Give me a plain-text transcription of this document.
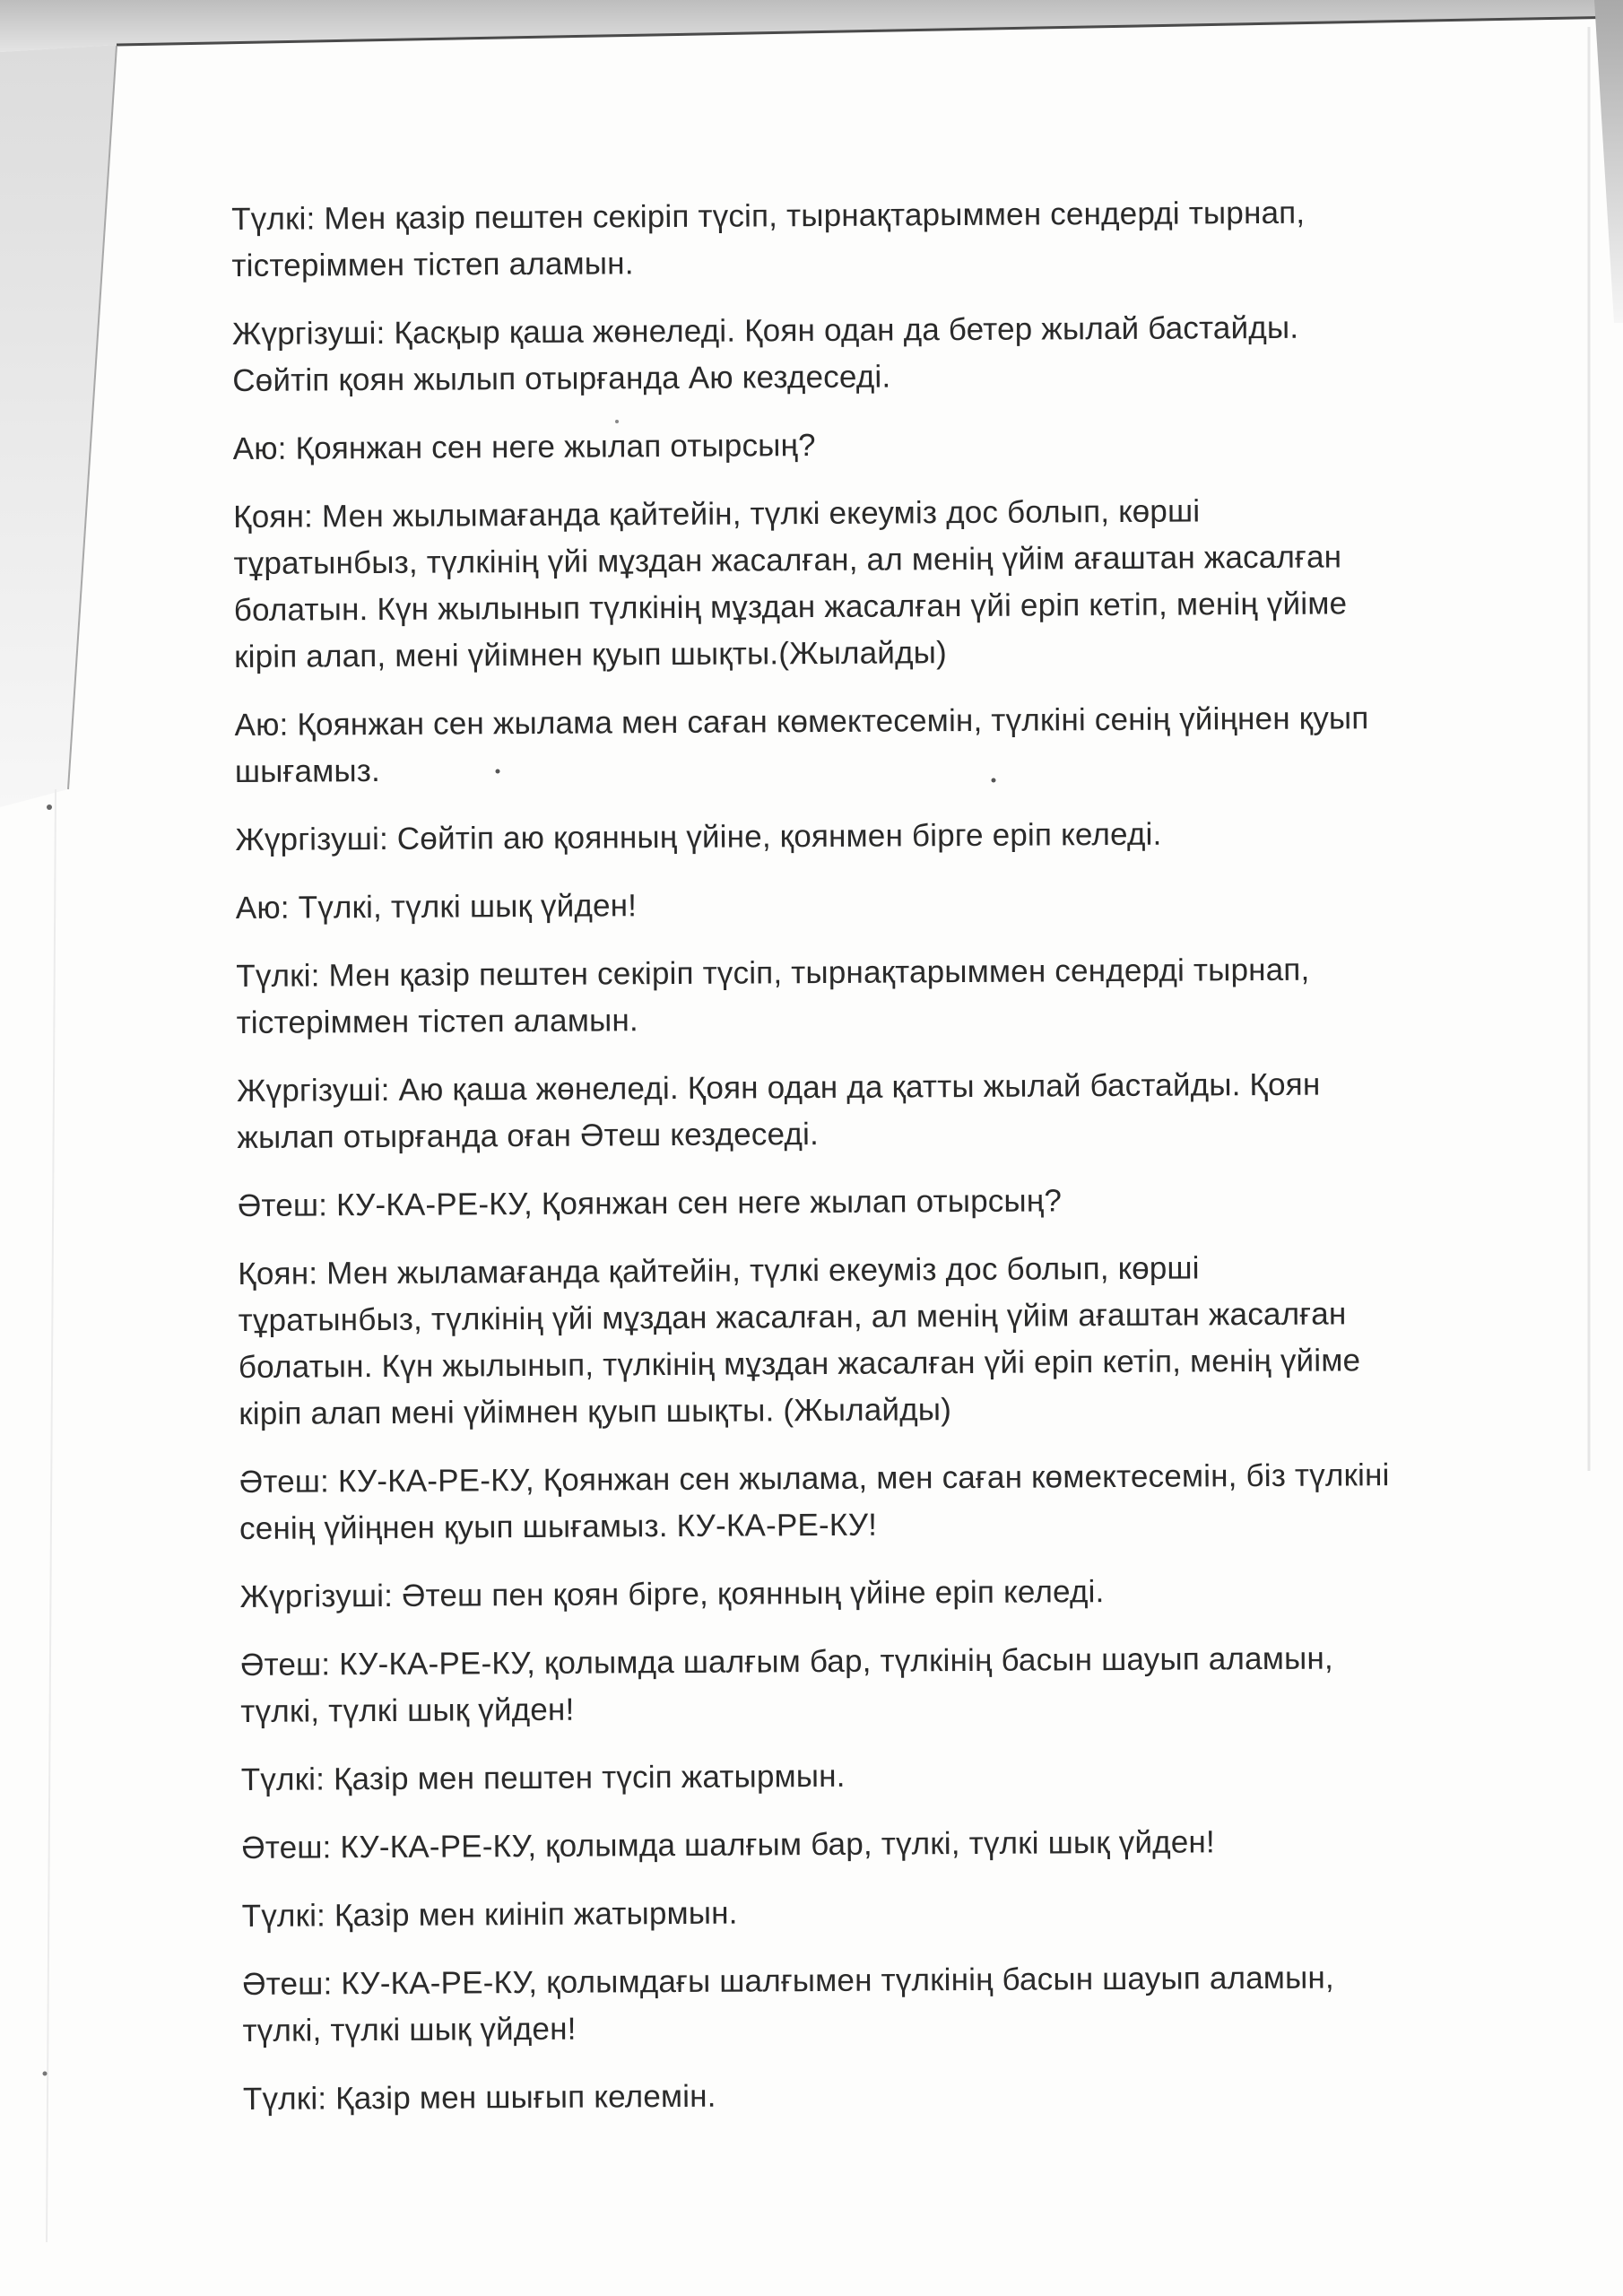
Түлкі: Мен қазір пештен секіріп түсіп, тырнақтарыммен сендерді тырнап,
тістеріммен тістеп аламын.
Жүргізуші: Қасқыр қаша жөнеледі. Қоян одан да бетер жылай бастайды.
Сөйтіп қоян жылып отырғанда Аю кездеседі.
Аю: Қоянжан сен неге жылап отырсың?
Қоян: Мен жылымағанда қайтейін, түлкі екеуміз дос болып, көрші
тұратынбыз, түлкінің үйі мұздан жасалған, ал менің үйім ағаштан жасалған
болатын. Күн жылынып түлкінің мұздан жасалған үйі еріп кетіп, менің үйіме
кіріп алап, мені үйімнен қуып шықты.(Жылайды)
Аю: Қоянжан сен жылама мен саған көмектесемін, түлкіні сенің үйіңнен қуып
шығамыз.
Жүргізуші: Сөйтіп аю қоянның үйіне, қоянмен бірге еріп келеді.
Аю: Түлкі, түлкі шық үйден!
Түлкі: Мен қазір пештен секіріп түсіп, тырнақтарыммен сендерді тырнап,
тістеріммен тістеп аламын.
Жүргізуші: Аю қаша жөнеледі. Қоян одан да қатты жылай бастайды. Қоян
жылап отырғанда оған Әтеш кездеседі.
Әтеш: КУ-КА-РЕ-КУ, Қоянжан сен неге жылап отырсың?
Қоян: Мен жыламағанда қайтейін, түлкі екеуміз дос болып, көрші
тұратынбыз, түлкінің үйі мұздан жасалған, ал менің үйім ағаштан жасалған
болатын. Күн жылынып, түлкінің мұздан жасалған үйі еріп кетіп, менің үйіме
кіріп алап мені үйімнен қуып шықты. (Жылайды)
Әтеш: КУ-КА-РЕ-КУ, Қоянжан сен жылама, мен саған көмектесемін, біз түлкіні
сенің үйіңнен қуып шығамыз. КУ-КА-РЕ-КУ!
Жүргізуші: Әтеш пен қоян бірге, қоянның үйіне еріп келеді.
Әтеш: КУ-КА-РЕ-КУ, қолымда шалғым бар, түлкінің басын шауып аламын,
түлкі, түлкі шық үйден!
Түлкі: Қазір мен пештен түсіп жатырмын.
Әтеш: КУ-КА-РЕ-КУ, қолымда шалғым бар, түлкі, түлкі шық үйден!
Түлкі: Қазір мен киініп жатырмын.
Әтеш: КУ-КА-РЕ-КУ, қолымдағы шалғымен түлкінің басын шауып аламын,
түлкі, түлкі шық үйден!
Түлкі: Қазір мен шығып келемін.
